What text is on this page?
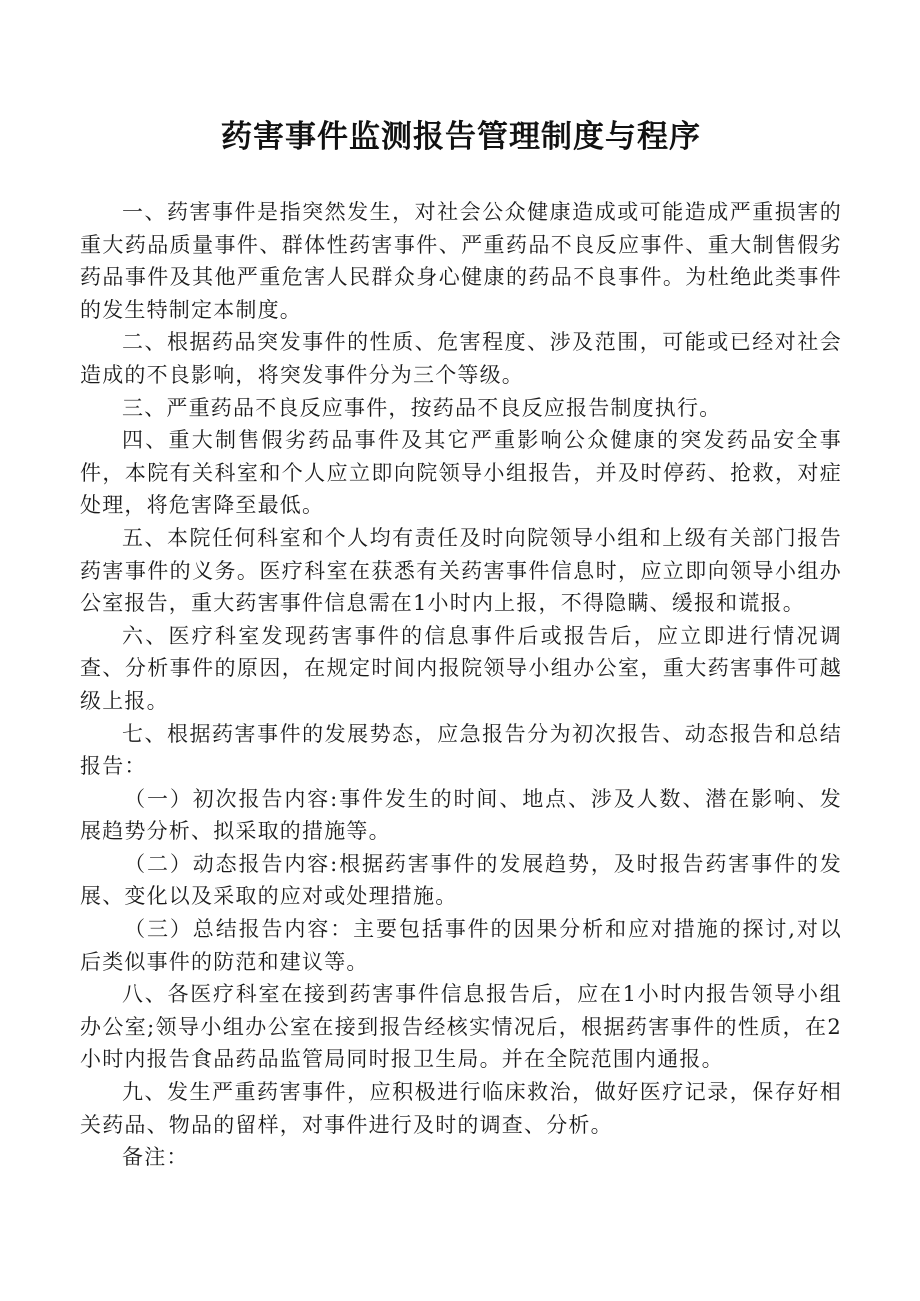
药害事件监测报告管理制度与程序

一、药害事件是指突然发生，对社会公众健康造成或可能造成严重损害的重大药品质量事件、群体性药害事件、严重药品不良反应事件、重大制售假劣药品事件及其他严重危害人民群众身心健康的药品不良事件。为杜绝此类事件的发生特制定本制度。

二、根据药品突发事件的性质、危害程度、涉及范围，可能或已经对社会造成的不良影响，将突发事件分为三个等级。

三、严重药品不良反应事件，按药品不良反应报告制度执行。

四、重大制售假劣药品事件及其它严重影响公众健康的突发药品安全事件，本院有关科室和个人应立即向院领导小组报告，并及时停药、抢救，对症处理，将危害降至最低。

五、本院任何科室和个人均有责任及时向院领导小组和上级有关部门报告药害事件的义务。医疗科室在获悉有关药害事件信息时，应立即向领导小组办公室报告，重大药害事件信息需在1小时内上报，不得隐瞒、缓报和谎报。

六、医疗科室发现药害事件的信息事件后或报告后，应立即进行情况调查、分析事件的原因，在规定时间内报院领导小组办公室，重大药害事件可越级上报。

七、根据药害事件的发展势态，应急报告分为初次报告、动态报告和总结报告：

（一）初次报告内容:事件发生的时间、地点、涉及人数、潜在影响、发展趋势分析、拟采取的措施等。

（二）动态报告内容:根据药害事件的发展趋势，及时报告药害事件的发展、变化以及采取的应对或处理措施。

（三）总结报告内容：主要包括事件的因果分析和应对措施的探讨,对以后类似事件的防范和建议等。

八、各医疗科室在接到药害事件信息报告后，应在1小时内报告领导小组办公室;领导小组办公室在接到报告经核实情况后，根据药害事件的性质，在2小时内报告食品药品监管局同时报卫生局。并在全院范围内通报。

九、发生严重药害事件，应积极进行临床救治，做好医疗记录，保存好相关药品、物品的留样，对事件进行及时的调查、分析。

备注：
